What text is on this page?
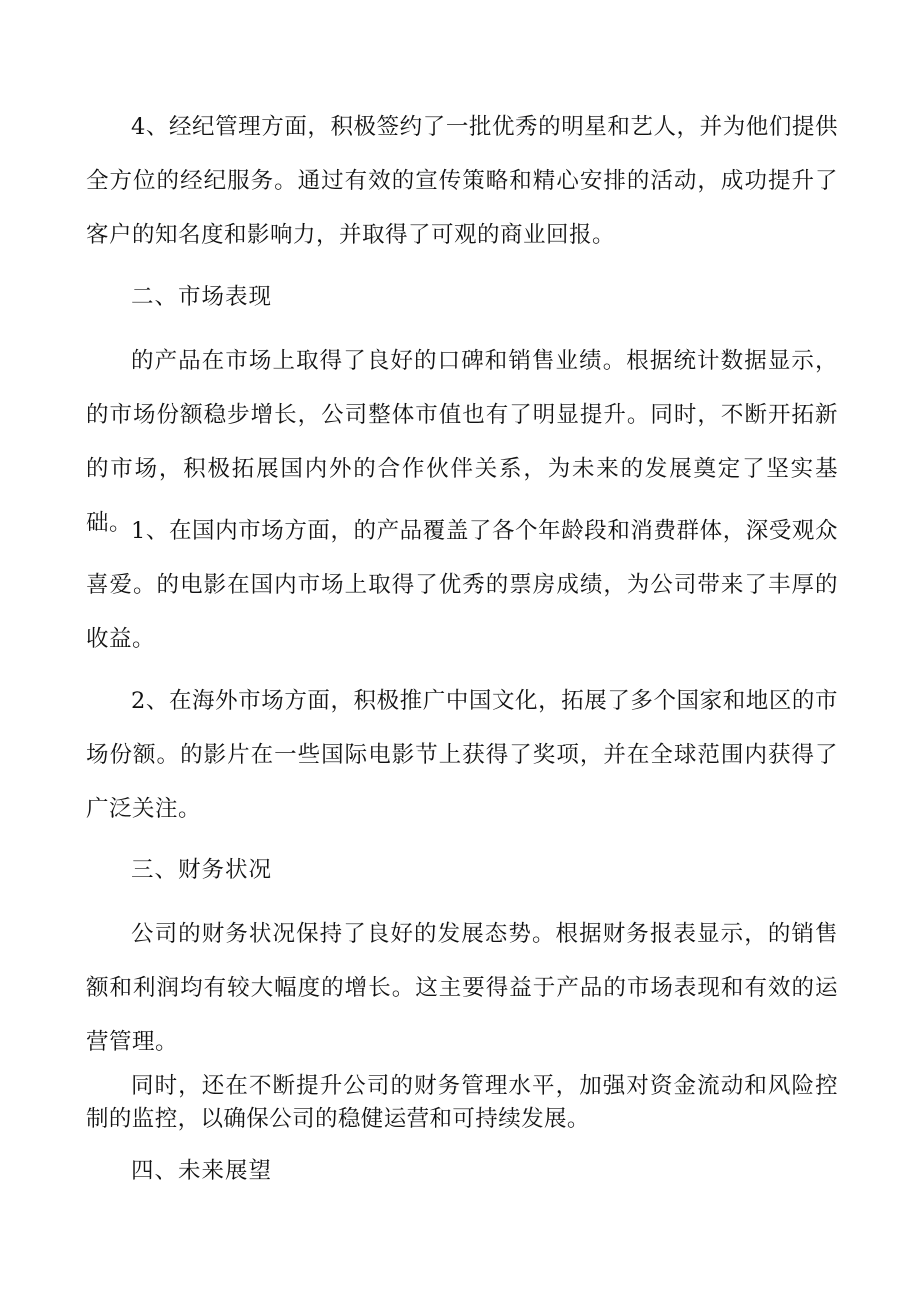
4、经纪管理方面，积极签约了一批优秀的明星和艺人，并为他们提供全方位的经纪服务。通过有效的宣传策略和精心安排的活动，成功提升了客户的知名度和影响力，并取得了可观的商业回报。

二、市场表现

的产品在市场上取得了良好的口碑和销售业绩。根据统计数据显示，的市场份额稳步增长，公司整体市值也有了明显提升。同时，不断开拓新的市场，积极拓展国内外的合作伙伴关系，为未来的发展奠定了坚实基础。

1、在国内市场方面，的产品覆盖了各个年龄段和消费群体，深受观众喜爱。的电影在国内市场上取得了优秀的票房成绩，为公司带来了丰厚的收益。

2、在海外市场方面，积极推广中国文化，拓展了多个国家和地区的市场份额。的影片在一些国际电影节上获得了奖项，并在全球范围内获得了广泛关注。

三、财务状况

公司的财务状况保持了良好的发展态势。根据财务报表显示，的销售额和利润均有较大幅度的增长。这主要得益于产品的市场表现和有效的运营管理。

同时，还在不断提升公司的财务管理水平，加强对资金流动和风险控制的监控，以确保公司的稳健运营和可持续发展。

四、未来展望
